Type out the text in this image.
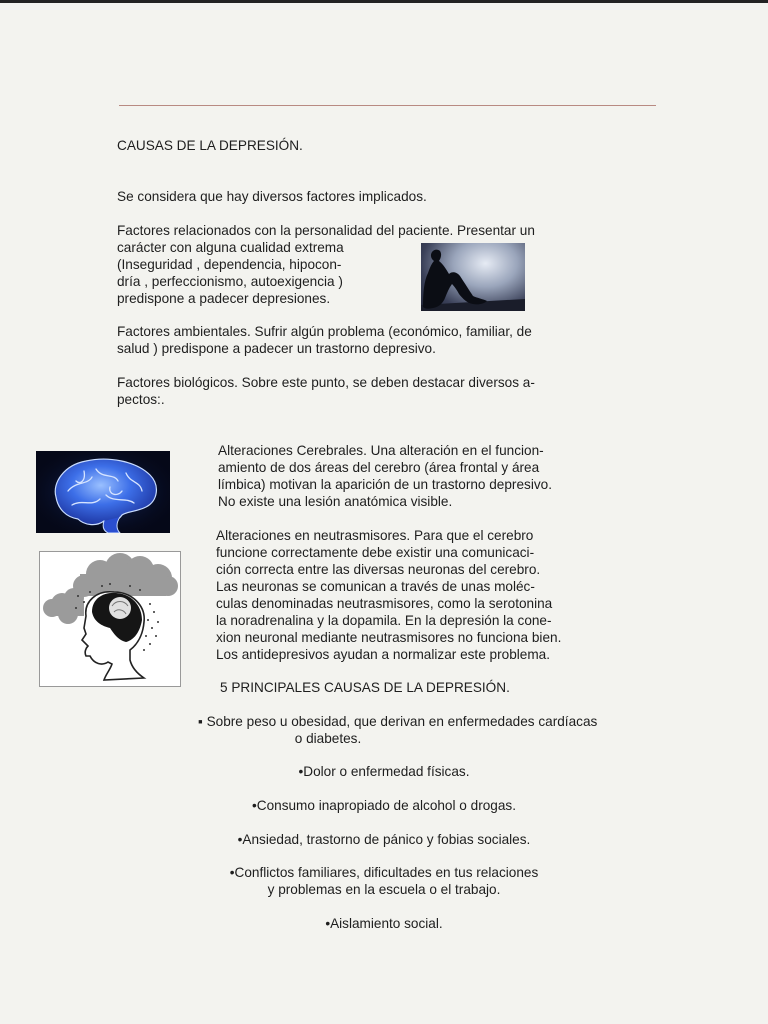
CAUSAS DE LA DEPRESIÓN.
Se considera que hay diversos factores implicados.
Factores relacionados con la personalidad del paciente. Presentar un
carácter con alguna cualidad extrema
(Inseguridad , dependencia, hipocon-
dría , perfeccionismo, autoexigencia )
predispone a padecer depresiones.
Factores ambientales. Sufrir algún problema (económico, familiar, de
salud ) predispone a padecer un trastorno depresivo.
Factores biológicos. Sobre este punto, se deben destacar diversos a-
pectos:.
Alteraciones Cerebrales. Una alteración en el funcion-
amiento de dos áreas del cerebro (área frontal y área
límbica) motivan la aparición de un trastorno depresivo.
No existe una lesión anatómica visible.
Alteraciones en neutrasmisores. Para que el cerebro
funcione correctamente debe existir una comunicaci-
ción correcta entre las diversas neuronas del cerebro.
Las neuronas se comunican a través de unas moléc-
culas denominadas neutrasmisores, como la serotonina
la noradrenalina y la dopamila. En la depresión la cone-
xion neuronal mediante neutrasmisores no funciona bien.
Los antidepresivos ayudan a normalizar este problema.
5 PRINCIPALES CAUSAS DE LA DEPRESIÓN.
▪ Sobre peso u obesidad, que derivan en enfermedades cardíacas
o diabetes.
•Dolor o enfermedad físicas.
•Consumo inapropiado de alcohol o drogas.
•Ansiedad, trastorno de pánico y fobias sociales.
•Conflictos familiares, dificultades en tus relaciones
y problemas en la escuela o el trabajo.
•Aislamiento social.
